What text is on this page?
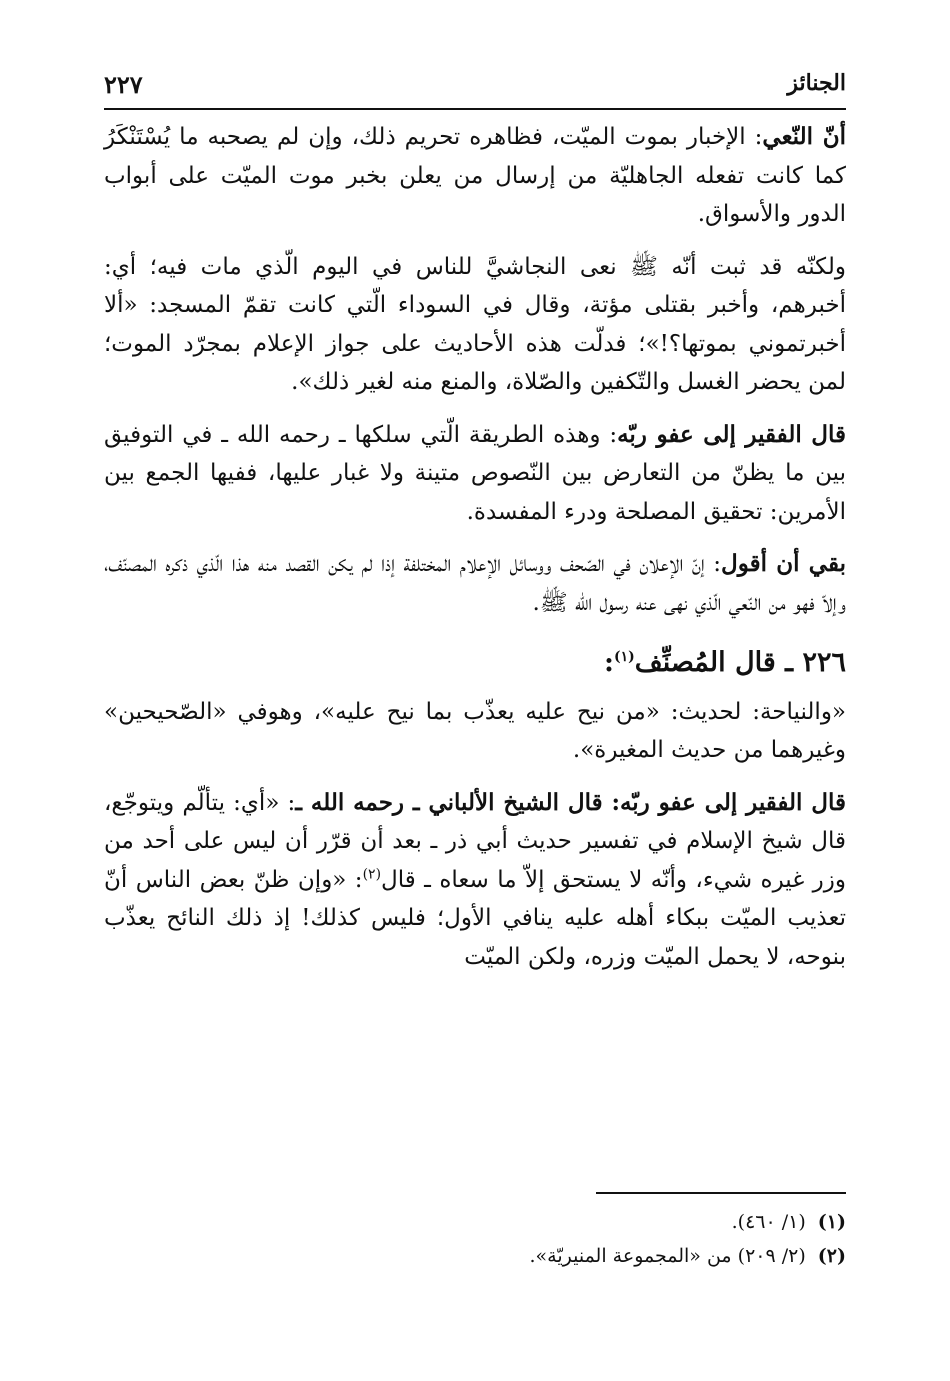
الجنائز
٢٢٧

أنّ النّعي: الإخبار بموت الميّت، فظاهره تحريم ذلك، وإن لم يصحبه ما يُسْتَنْكَرُ كما كانت تفعله الجاهليّة من إرسال من يعلن بخبر موت الميّت على أبواب الدور والأسواق.

ولكنّه قد ثبت أنّه ﷺ نعى النجاشيَّ للناس في اليوم الّذي مات فيه؛ أي: أخبرهم، وأخبر بقتلى مؤتة، وقال في السوداء الّتي كانت تقمّ المسجد: «ألا أخبرتموني بموتها؟!»؛ فدلّت هذه الأحاديث على جواز الإعلام بمجرّد الموت؛ لمن يحضر الغسل والتّكفين والصّلاة، والمنع منه لغير ذلك».

قال الفقير إلى عفو ربّه: وهذه الطريقة الّتي سلكها ـ رحمه الله ـ في التوفيق بين ما يظنّ من التعارض بين النّصوص متينة ولا غبار عليها، ففيها الجمع بين الأمرين: تحقيق المصلحة ودرء المفسدة.

بقي أن أقول: إنّ الإعلان في الصّحف ووسائل الإعلام المختلفة إذا لم يكن القصد منه هذا الّذي ذكره المصنّف، وإلاّ فهو من النّعي الّذي نهى عنه رسول الله ﷺ.

٢٢٦ ـ قال المُصنِّف$^{(١)}$:

«والنياحة: لحديث: «من نيح عليه يعذّب بما نيح عليه»، وهوفي «الصّحيحين» وغيرهما من حديث المغيرة».

قال الفقير إلى عفو ربّه: قال الشيخ الألباني ـ رحمه الله ـ: «أي: يتألّم ويتوجّع، قال شيخ الإسلام في تفسير حديث أبي ذر ـ بعد أن قرّر أن ليس على أحد من وزر غيره شيء، وأنّه لا يستحق إلاّ ما سعاه ـ قال$^{(٢)}$: «وإن ظنّ بعض الناس أنّ تعذيب الميّت ببكاء أهله عليه ينافي الأول؛ فليس كذلك! إذ ذلك النائح يعذّب بنوحه، لا يحمل الميّت وزره، ولكن الميّت

(١)(١/ ٤٦٠).

(٢)(٢/ ٢٠٩) من «المجموعة المنيريّة».
